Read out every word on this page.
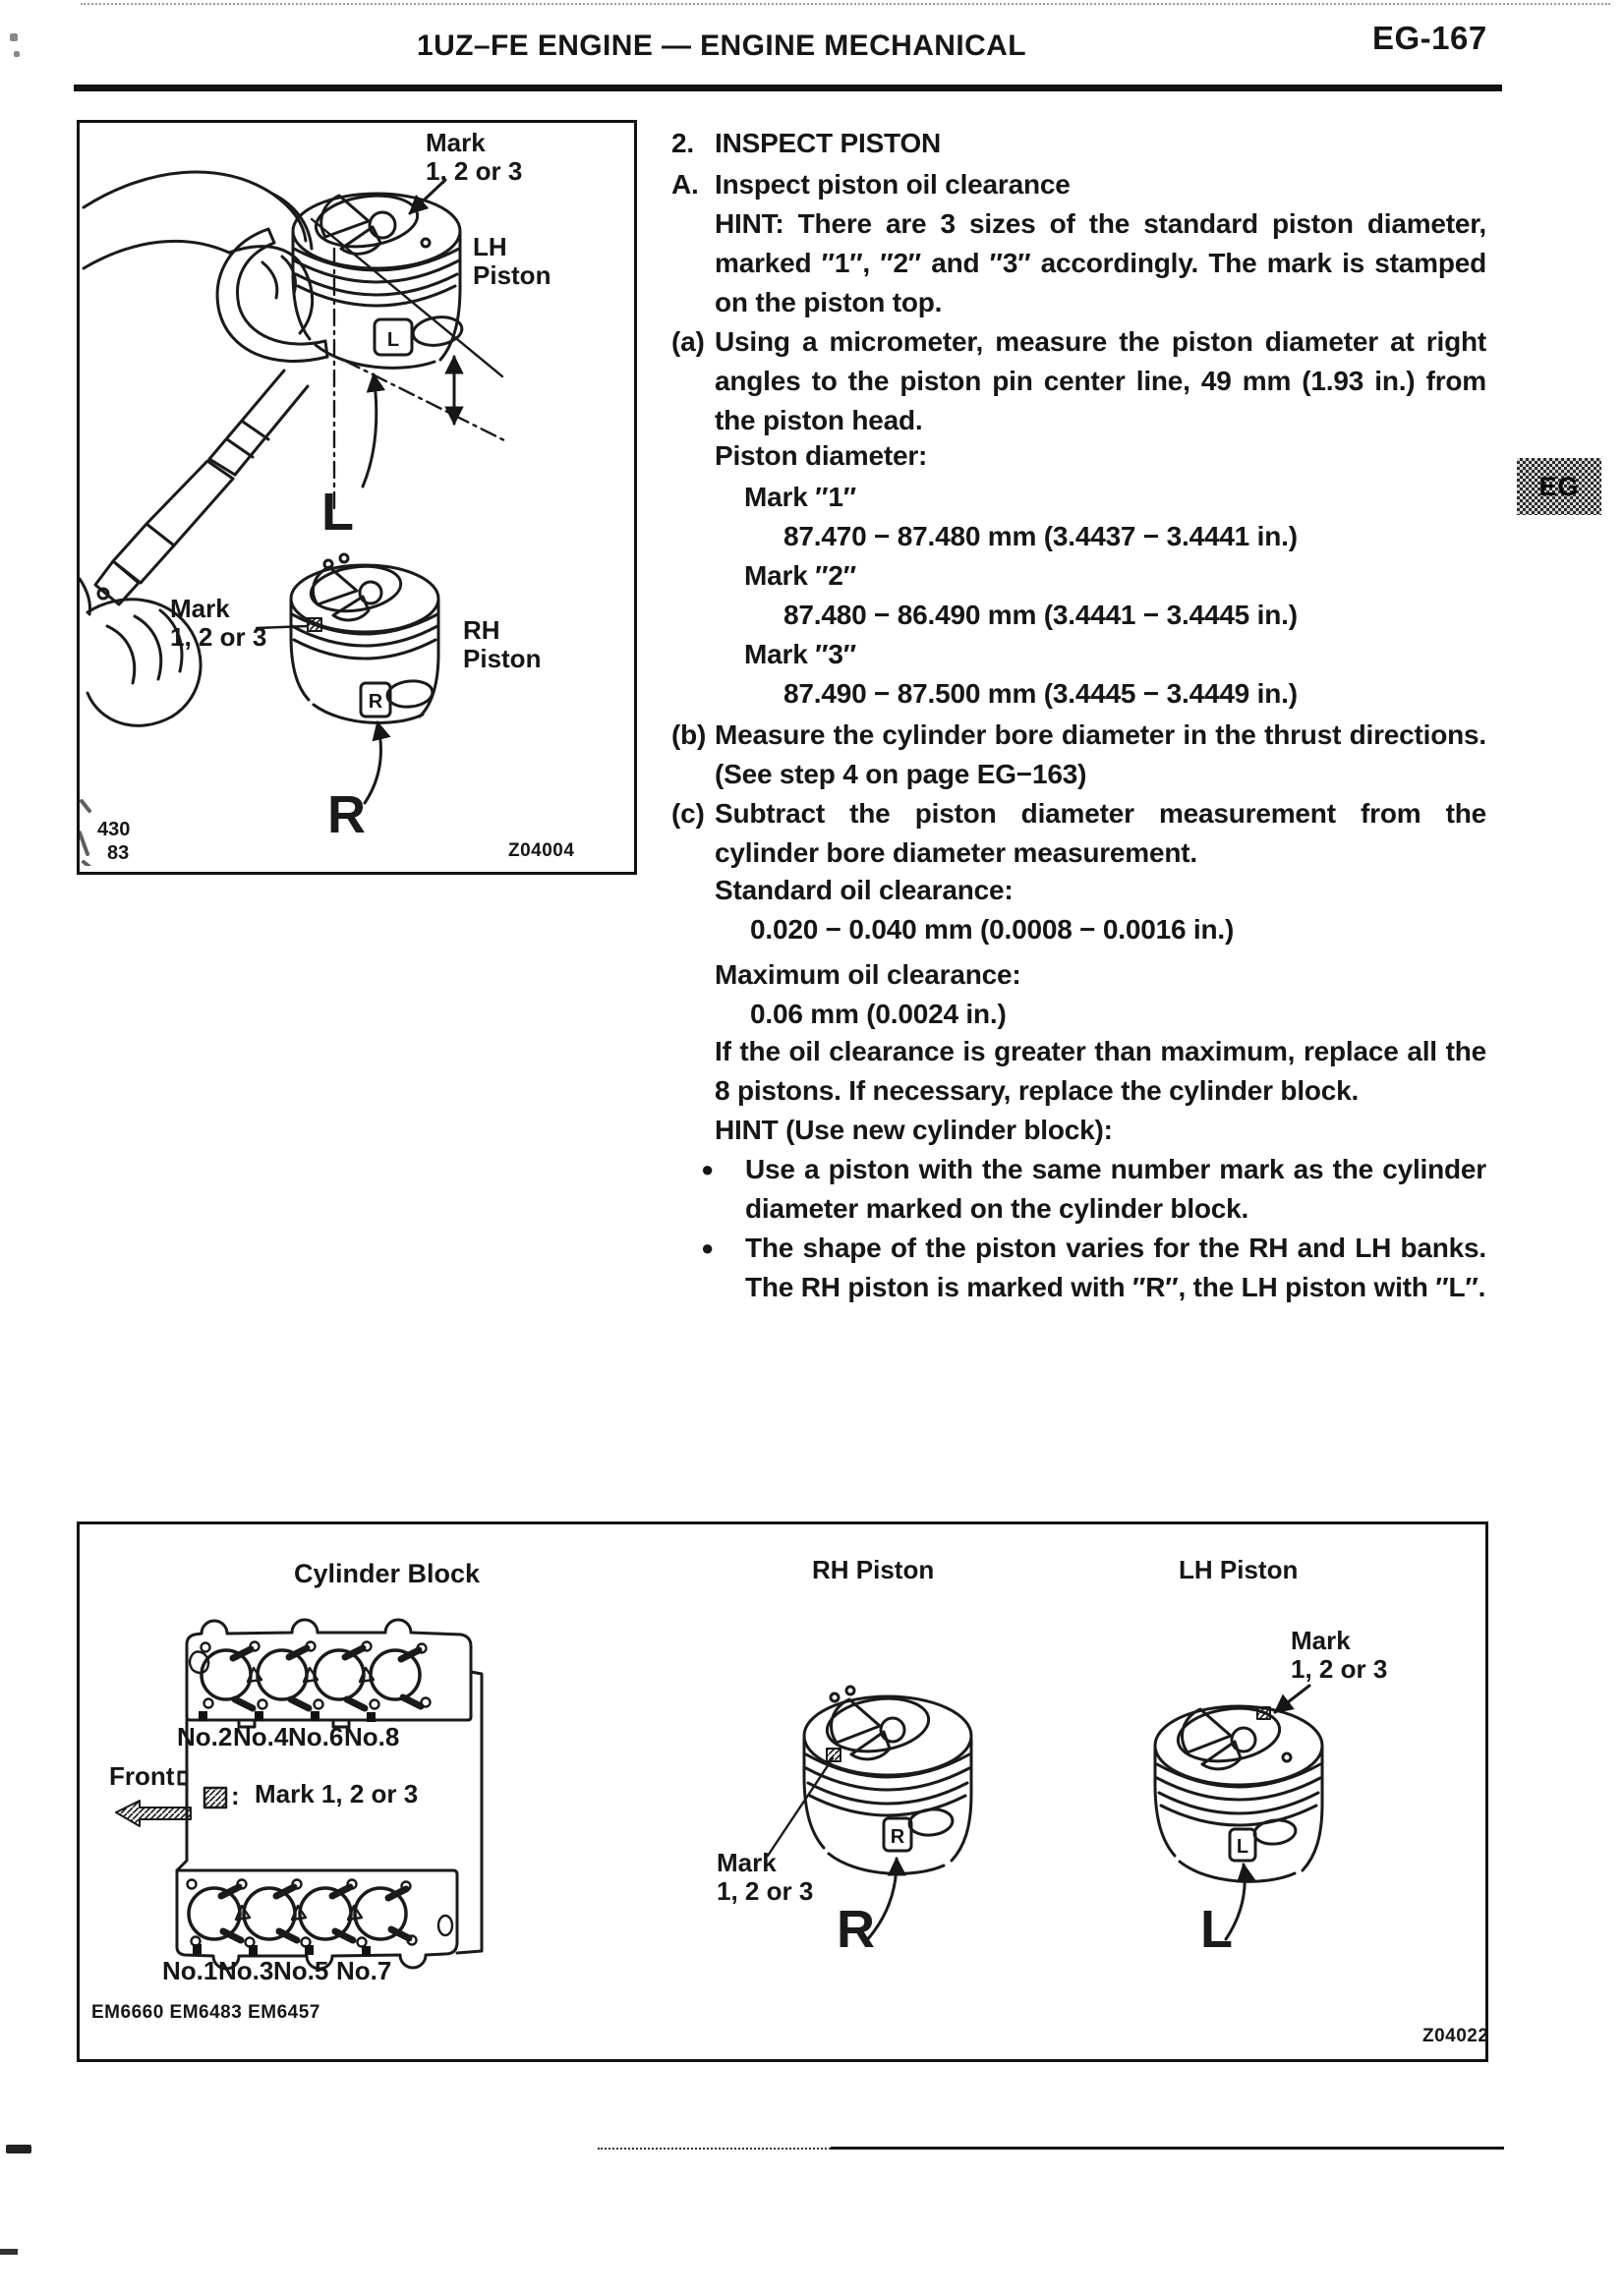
1UZ–FE ENGINE — ENGINE MECHANICAL	EG-167
EG
L
R
L
R
Mark
1, 2 or 3
LH
Piston
Mark
1, 2 or 3	RH
Piston
430
83	Z04004
2. INSPECT PISTON
A. Inspect piston oil clearance
HINT: There are 3 sizes of the standard piston diameter, marked ″1″, ″2″ and ″3″ accordingly. The mark is stamped on the piston top.
(a) Using a micrometer, measure the piston diameter at right angles to the piston pin center line, 49 mm (1.93 in.) from the piston head.
Piston diameter:
Mark ″1″
87.470 − 87.480 mm (3.4437 − 3.4441 in.)
Mark ″2″
87.480 − 86.490 mm (3.4441 − 3.4445 in.)
Mark ″3″
87.490 − 87.500 mm (3.4445 − 3.4449 in.)
(b) Measure the cylinder bore diameter in the thrust directions. (See step 4 on page EG−163)
(c) Subtract the piston diameter measurement from the cylinder bore diameter measurement.
Standard oil clearance:
0.020 − 0.040 mm (0.0008 − 0.0016 in.)
Maximum oil clearance:
0.06 mm (0.0024 in.)
If the oil clearance is greater than maximum, replace all the 8 pistons. If necessary, replace the cylinder block.
HINT (Use new cylinder block):
● Use a piston with the same number mark as the cylinder diameter marked on the cylinder block.
● The shape of the piston varies for the RH and LH banks. The RH piston is marked with ″R″, the LH piston with ″L″.
R	L
R	L
Cylinder Block	RH Piston	LH Piston
No.2 No.4 No.6 No.8
No.1 No.3 No.5 No.7
Front
: Mark 1, 2 or 3
Mark
1, 2 or 3
Mark
1, 2 or 3
EM6660 EM6483 EM6457
Z04022
